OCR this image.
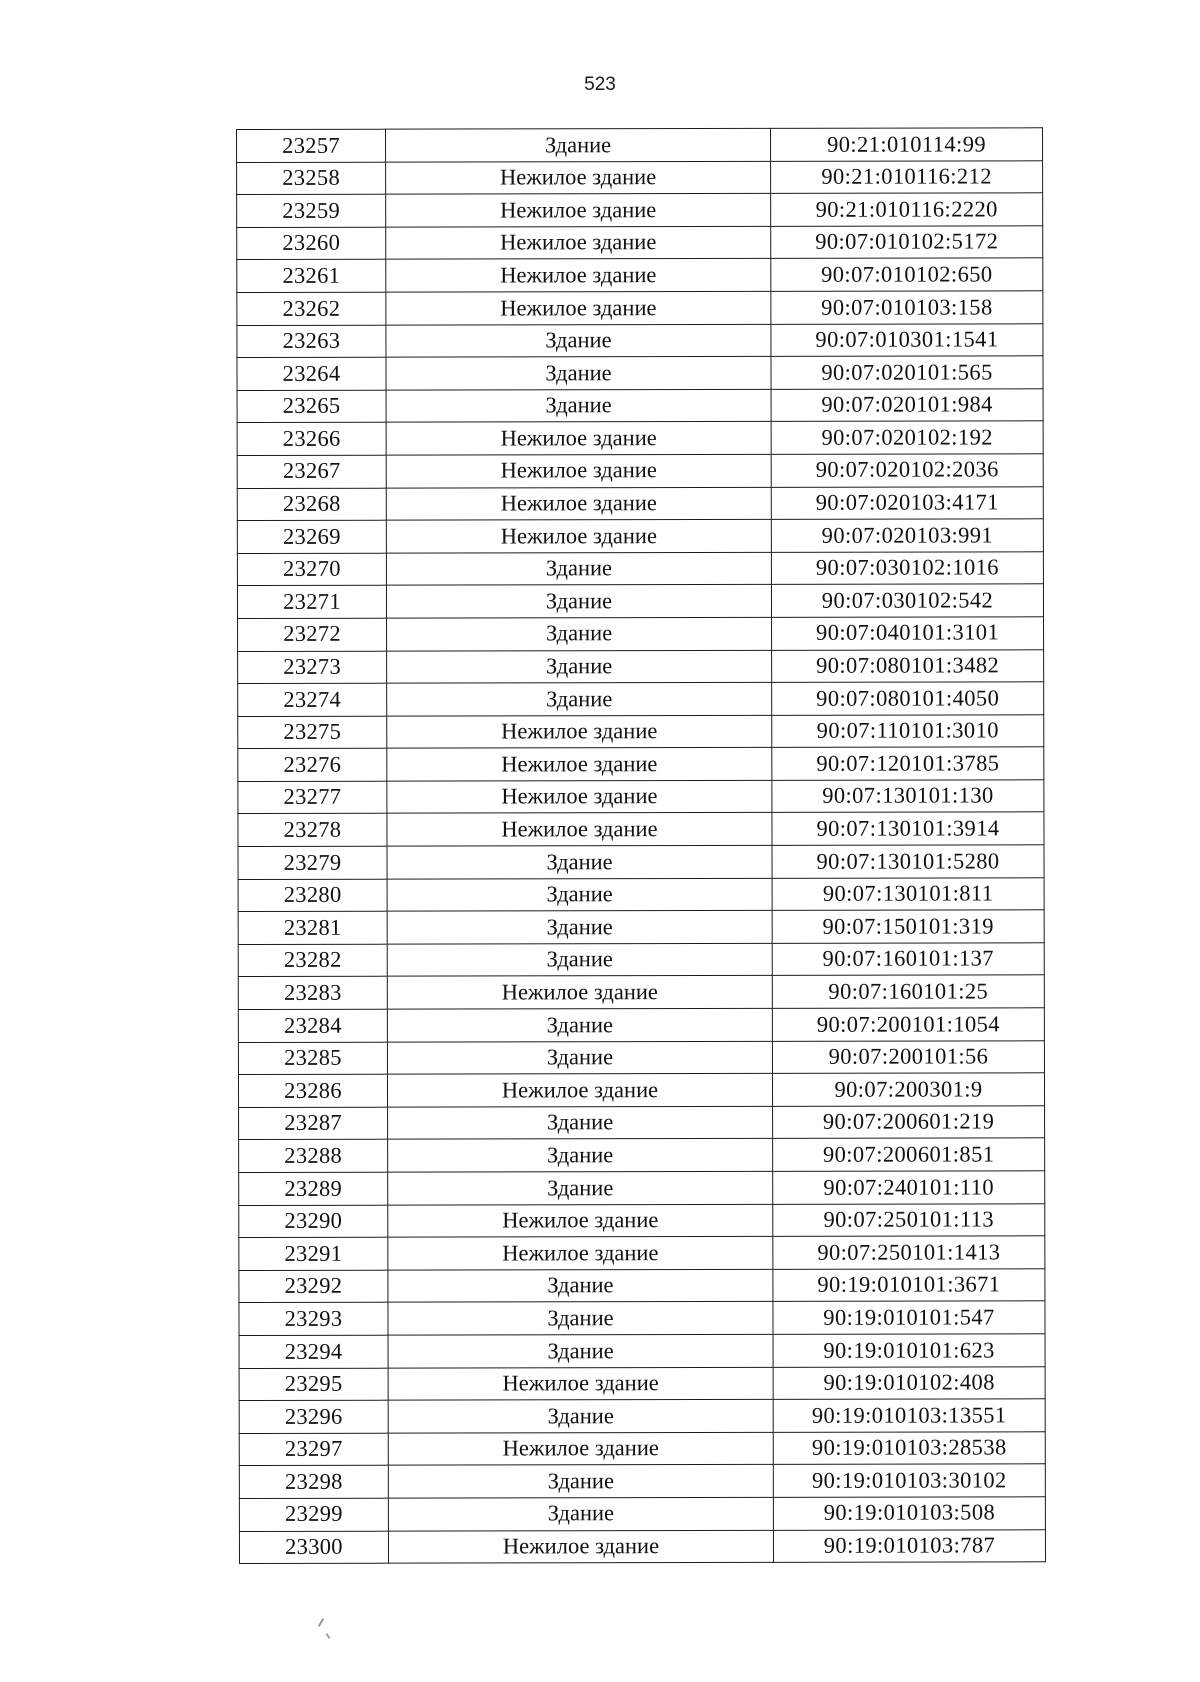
523
23257	Здание	90:21:010114:99
23258	Нежилое здание	90:21:010116:212
23259	Нежилое здание	90:21:010116:2220
23260	Нежилое здание	90:07:010102:5172
23261	Нежилое здание	90:07:010102:650
23262	Нежилое здание	90:07:010103:158
23263	Здание	90:07:010301:1541
23264	Здание	90:07:020101:565
23265	Здание	90:07:020101:984
23266	Нежилое здание	90:07:020102:192
23267	Нежилое здание	90:07:020102:2036
23268	Нежилое здание	90:07:020103:4171
23269	Нежилое здание	90:07:020103:991
23270	Здание	90:07:030102:1016
23271	Здание	90:07:030102:542
23272	Здание	90:07:040101:3101
23273	Здание	90:07:080101:3482
23274	Здание	90:07:080101:4050
23275	Нежилое здание	90:07:110101:3010
23276	Нежилое здание	90:07:120101:3785
23277	Нежилое здание	90:07:130101:130
23278	Нежилое здание	90:07:130101:3914
23279	Здание	90:07:130101:5280
23280	Здание	90:07:130101:811
23281	Здание	90:07:150101:319
23282	Здание	90:07:160101:137
23283	Нежилое здание	90:07:160101:25
23284	Здание	90:07:200101:1054
23285	Здание	90:07:200101:56
23286	Нежилое здание	90:07:200301:9
23287	Здание	90:07:200601:219
23288	Здание	90:07:200601:851
23289	Здание	90:07:240101:110
23290	Нежилое здание	90:07:250101:113
23291	Нежилое здание	90:07:250101:1413
23292	Здание	90:19:010101:3671
23293	Здание	90:19:010101:547
23294	Здание	90:19:010101:623
23295	Нежилое здание	90:19:010102:408
23296	Здание	90:19:010103:13551
23297	Нежилое здание	90:19:010103:28538
23298	Здание	90:19:010103:30102
23299	Здание	90:19:010103:508
23300	Нежилое здание	90:19:010103:787
